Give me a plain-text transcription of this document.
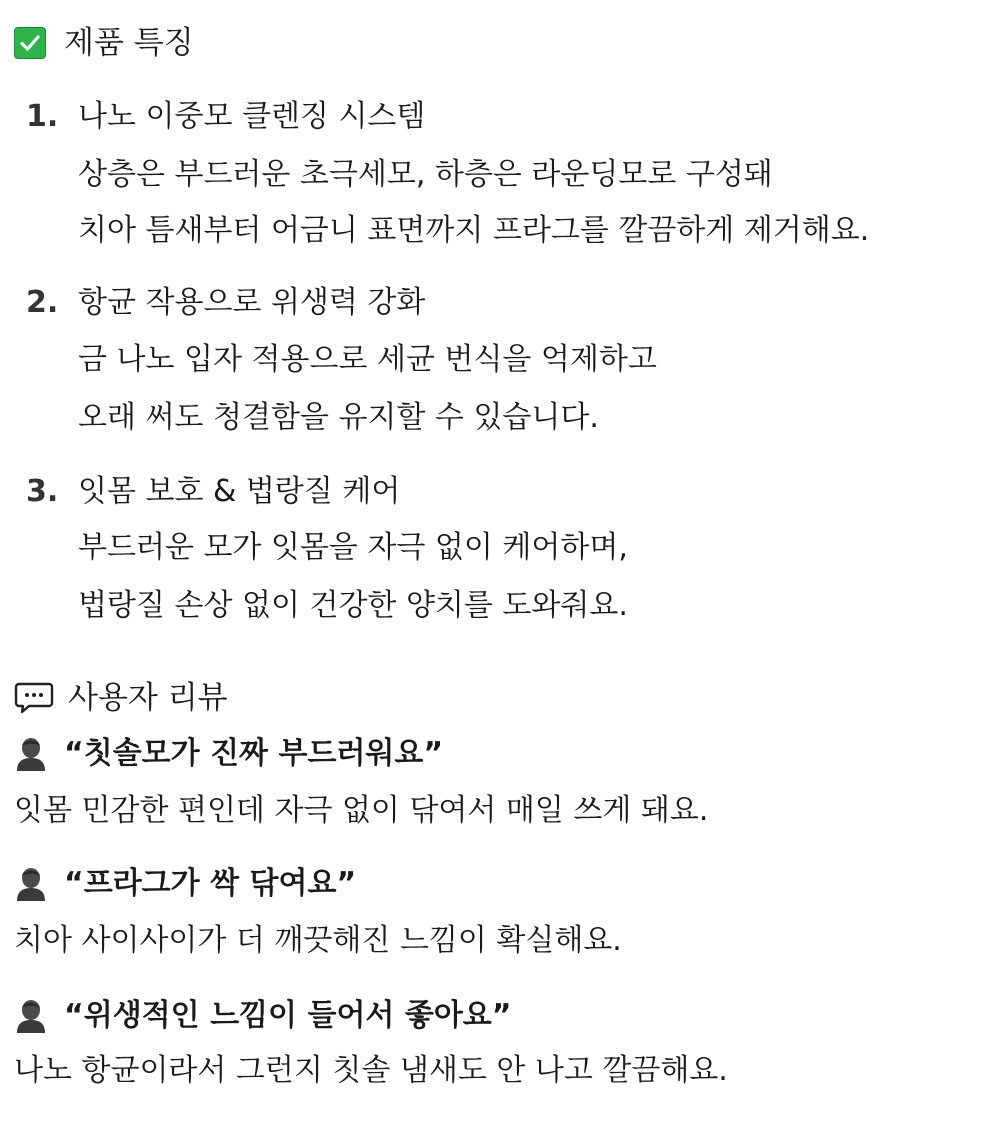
제품 특징
1. 나노 이중모 클렌징 시스템
상층은 부드러운 초극세모, 하층은 라운딩모로 구성돼
치아 틈새부터 어금니 표면까지 프라그를 깔끔하게 제거해요.
2. 항균 작용으로 위생력 강화
금 나노 입자 적용으로 세균 번식을 억제하고
오래 써도 청결함을 유지할 수 있습니다.
3. 잇몸 보호 & 법랑질 케어
부드러운 모가 잇몸을 자극 없이 케어하며,
법랑질 손상 없이 건강한 양치를 도와줘요.
사용자 리뷰
“칫솔모가 진짜 부드러워요”
잇몸 민감한 편인데 자극 없이 닦여서 매일 쓰게 돼요.
“프라그가 싹 닦여요”
치아 사이사이가 더 깨끗해진 느낌이 확실해요.
“위생적인 느낌이 들어서 좋아요”
나노 항균이라서 그런지 칫솔 냄새도 안 나고 깔끔해요.
